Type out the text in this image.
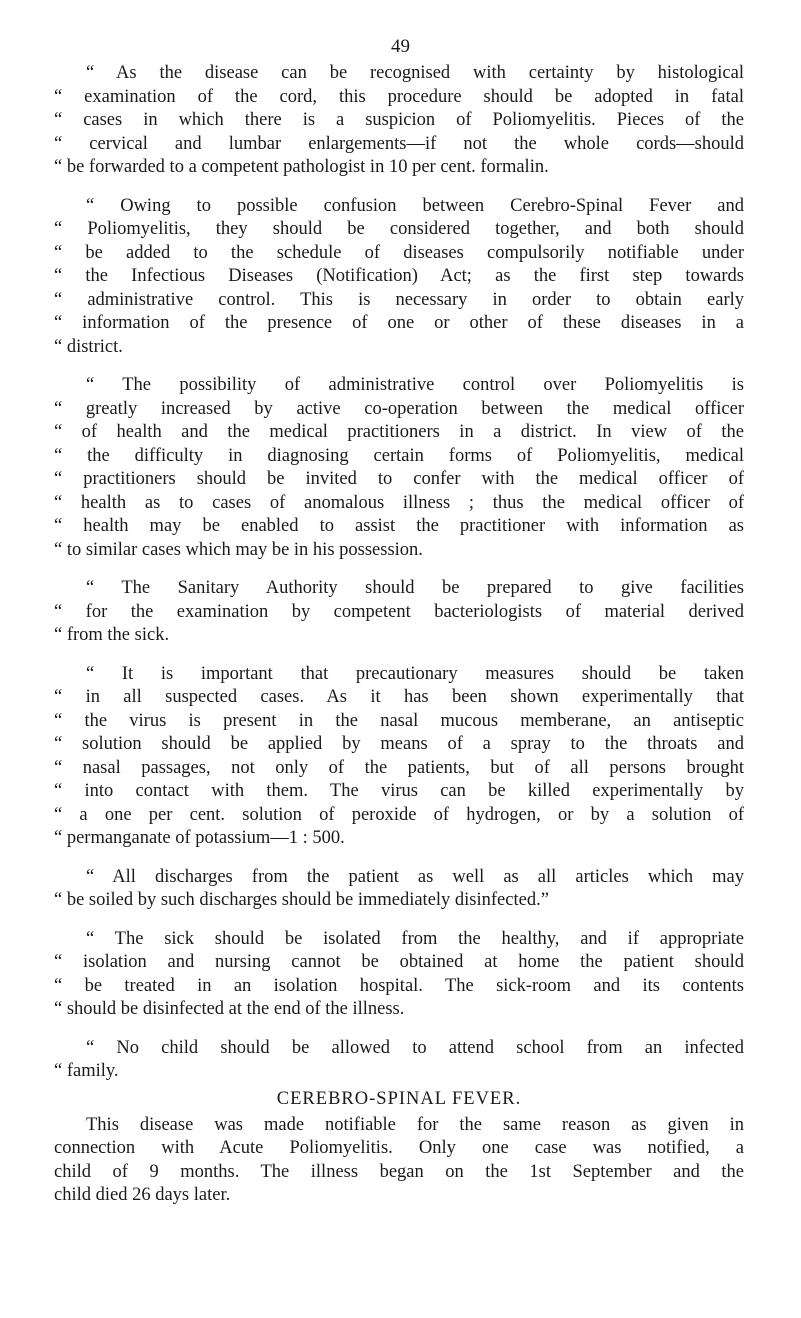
49
“ As the disease can be recognised with certainty by histological
“ examination of the cord, this procedure should be adopted in fatal
“ cases in which there is a suspicion of Poliomyelitis. Pieces of the
“ cervical and lumbar enlargements—if not the whole cords—should
“ be forwarded to a competent pathologist in 10 per cent. formalin.
“ Owing to possible confusion between Cerebro-Spinal Fever and
“ Poliomyelitis, they should be considered together, and both should
“ be added to the schedule of diseases compulsorily notifiable under
“ the Infectious Diseases (Notification) Act; as the first step towards
“ administrative control. This is necessary in order to obtain early
“ information of the presence of one or other of these diseases in a
“ district.
“ The possibility of administrative control over Poliomyelitis is
“ greatly increased by active co-operation between the medical officer
“ of health and the medical practitioners in a district. In view of the
“ the difficulty in diagnosing certain forms of Poliomyelitis, medical
“ practitioners should be invited to confer with the medical officer of
“ health as to cases of anomalous illness ; thus the medical officer of
“ health may be enabled to assist the practitioner with information as
“ to similar cases which may be in his possession.
“ The Sanitary Authority should be prepared to give facilities
“ for the examination by competent bacteriologists of material derived
“ from the sick.
“ It is important that precautionary measures should be taken
“ in all suspected cases. As it has been shown experimentally that
“ the virus is present in the nasal mucous memberane, an antiseptic
“ solution should be applied by means of a spray to the throats and
“ nasal passages, not only of the patients, but of all persons brought
“ into contact with them. The virus can be killed experimentally by
“ a one per cent. solution of peroxide of hydrogen, or by a solution of
“ permanganate of potassium—1 : 500.
“ All discharges from the patient as well as all articles which may
“ be soiled by such discharges should be immediately disinfected.”
“ The sick should be isolated from the healthy, and if appropriate
“ isolation and nursing cannot be obtained at home the patient should
“ be treated in an isolation hospital. The sick-room and its contents
“ should be disinfected at the end of the illness.
“ No child should be allowed to attend school from an infected
“ family.
CEREBRO-SPINAL FEVER.
This disease was made notifiable for the same reason as given in
connection with Acute Poliomyelitis. Only one case was notified, a
child of 9 months. The illness began on the 1st September and the
child died 26 days later.
